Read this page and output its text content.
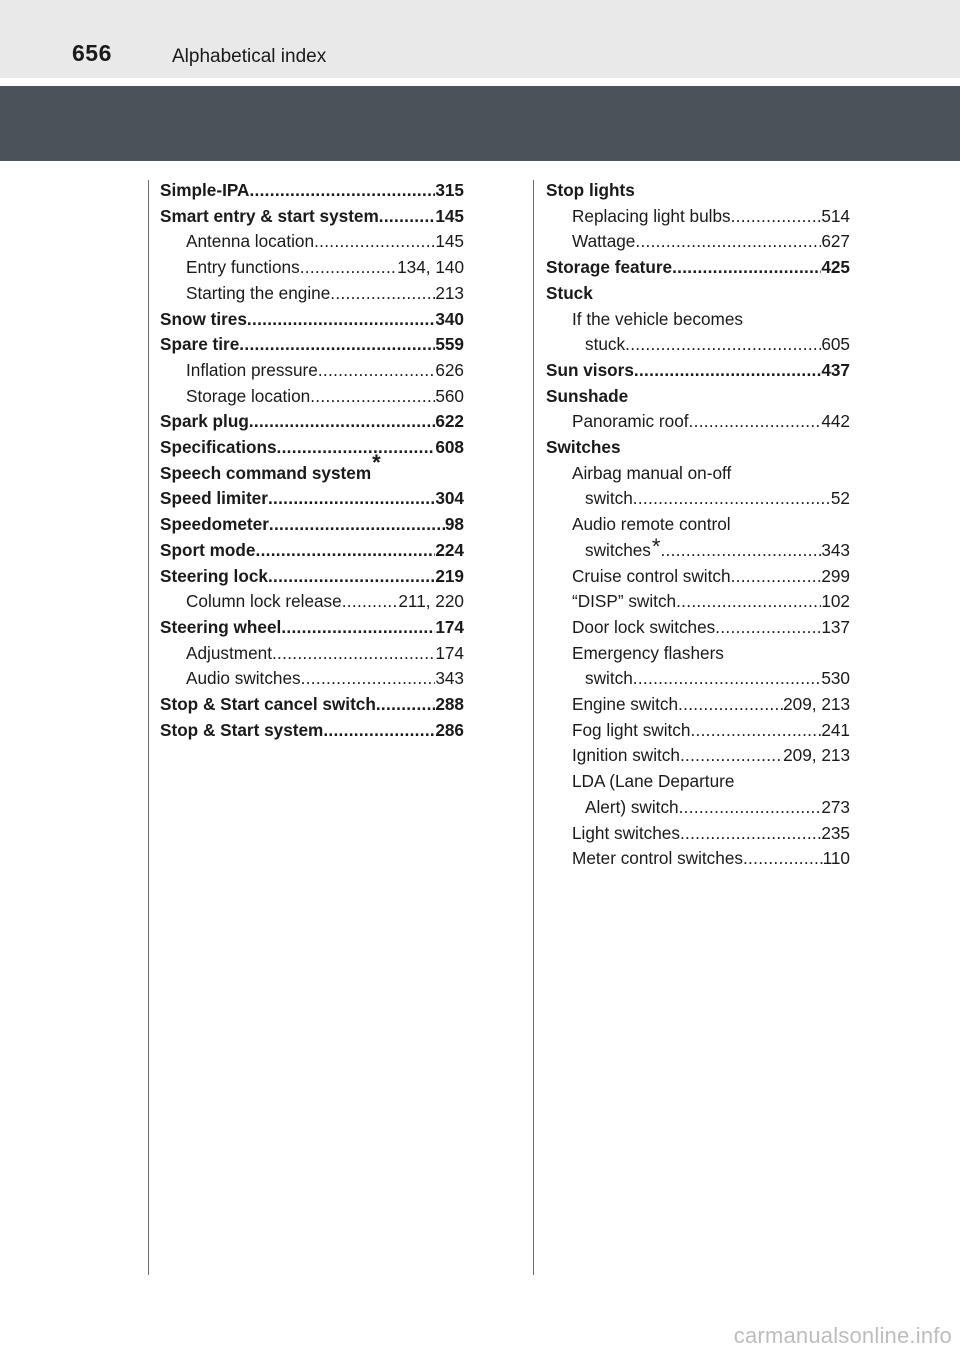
656	Alphabetical index
Simple-IPA .....	315
Smart entry & start system .....	145
Antenna location .....	145
Entry functions .....	134, 140
Starting the engine .....	213
Snow tires .....	340
Spare tire .....	559
Inflation pressure .....	626
Storage location .....	560
Spark plug .....	622
Specifications .....	608
Speech command system*
Speed limiter .....	304
Speedometer .....	98
Sport mode .....	224
Steering lock .....	219
Column lock release .....	211, 220
Steering wheel .....	174
Adjustment .....	174
Audio switches .....	343
Stop & Start cancel switch .....	288
Stop & Start system .....	286
Stop lights
Replacing light bulbs .....	514
Wattage .....	627
Storage feature .....	425
Stuck
If the vehicle becomes
stuck .....	605
Sun visors .....	437
Sunshade
Panoramic roof .....	442
Switches
Airbag manual on-off
switch .....	52
Audio remote control
switches* .....	343
Cruise control switch .....	299
“DISP” switch .....	102
Door lock switches .....	137
Emergency flashers
switch .....	530
Engine switch .....	209, 213
Fog light switch .....	241
Ignition switch .....	209, 213
LDA (Lane Departure
Alert) switch .....	273
Light switches .....	235
Meter control switches .....	110
carmanualsonline.info
